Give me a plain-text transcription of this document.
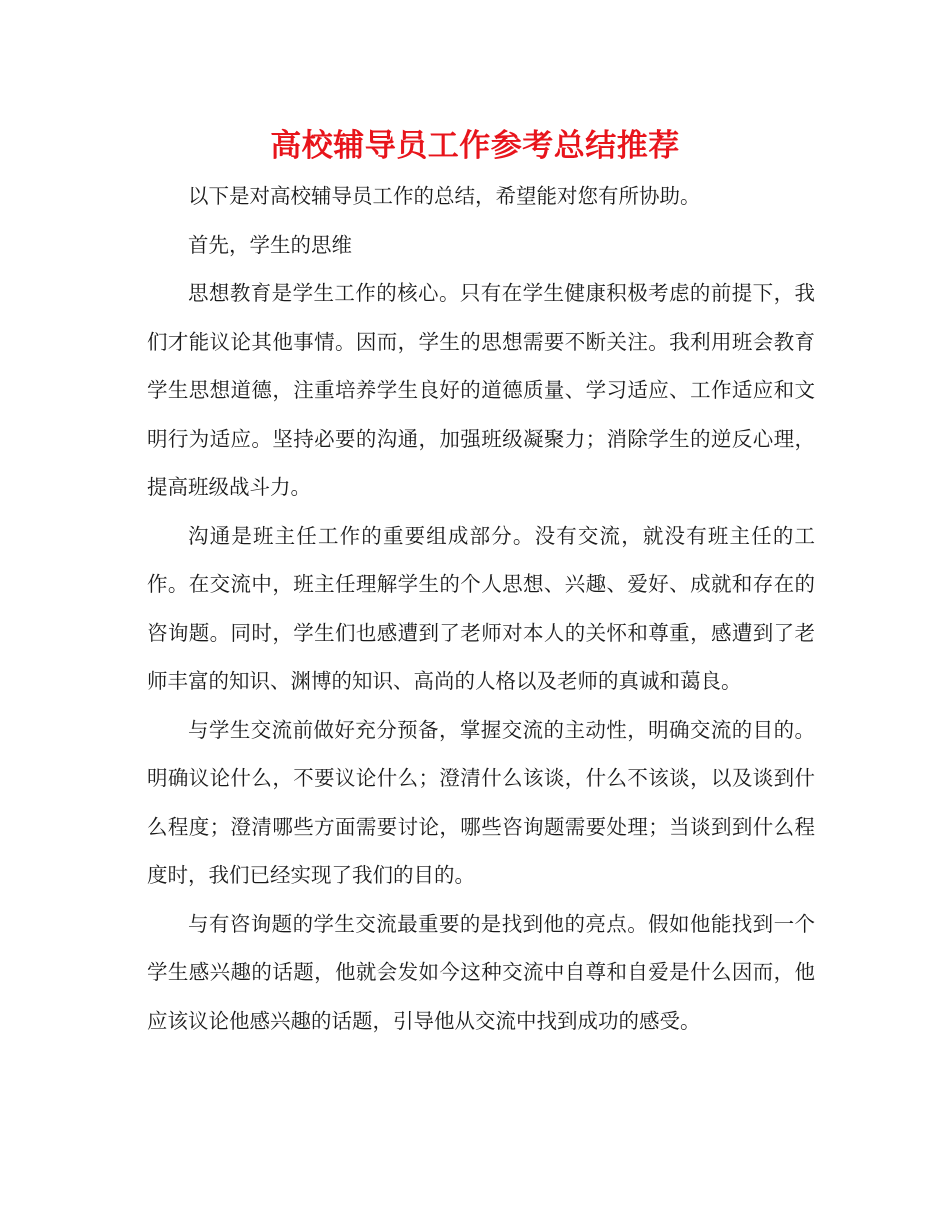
高校辅导员工作参考总结推荐

以下是对高校辅导员工作的总结，希望能对您有所协助。

首先，学生的思维

思想教育是学生工作的核心。只有在学生健康积极考虑的前提下，我们才能议论其他事情。因而，学生的思想需要不断关注。我利用班会教育学生思想道德，注重培养学生良好的道德质量、学习适应、工作适应和文明行为适应。坚持必要的沟通，加强班级凝聚力；消除学生的逆反心理，提高班级战斗力。

沟通是班主任工作的重要组成部分。没有交流，就没有班主任的工作。在交流中，班主任理解学生的个人思想、兴趣、爱好、成就和存在的咨询题。同时，学生们也感遭到了老师对本人的关怀和尊重，感遭到了老师丰富的知识、渊博的知识、高尚的人格以及老师的真诚和蔼良。

与学生交流前做好充分预备，掌握交流的主动性，明确交流的目的。明确议论什么，不要议论什么；澄清什么该谈，什么不该谈，以及谈到什么程度；澄清哪些方面需要讨论，哪些咨询题需要处理；当谈到到什么程度时，我们已经实现了我们的目的。

与有咨询题的学生交流最重要的是找到他的亮点。假如他能找到一个学生感兴趣的话题，他就会发如今这种交流中自尊和自爱是什么因而，他应该议论他感兴趣的话题，引导他从交流中找到成功的感受。
